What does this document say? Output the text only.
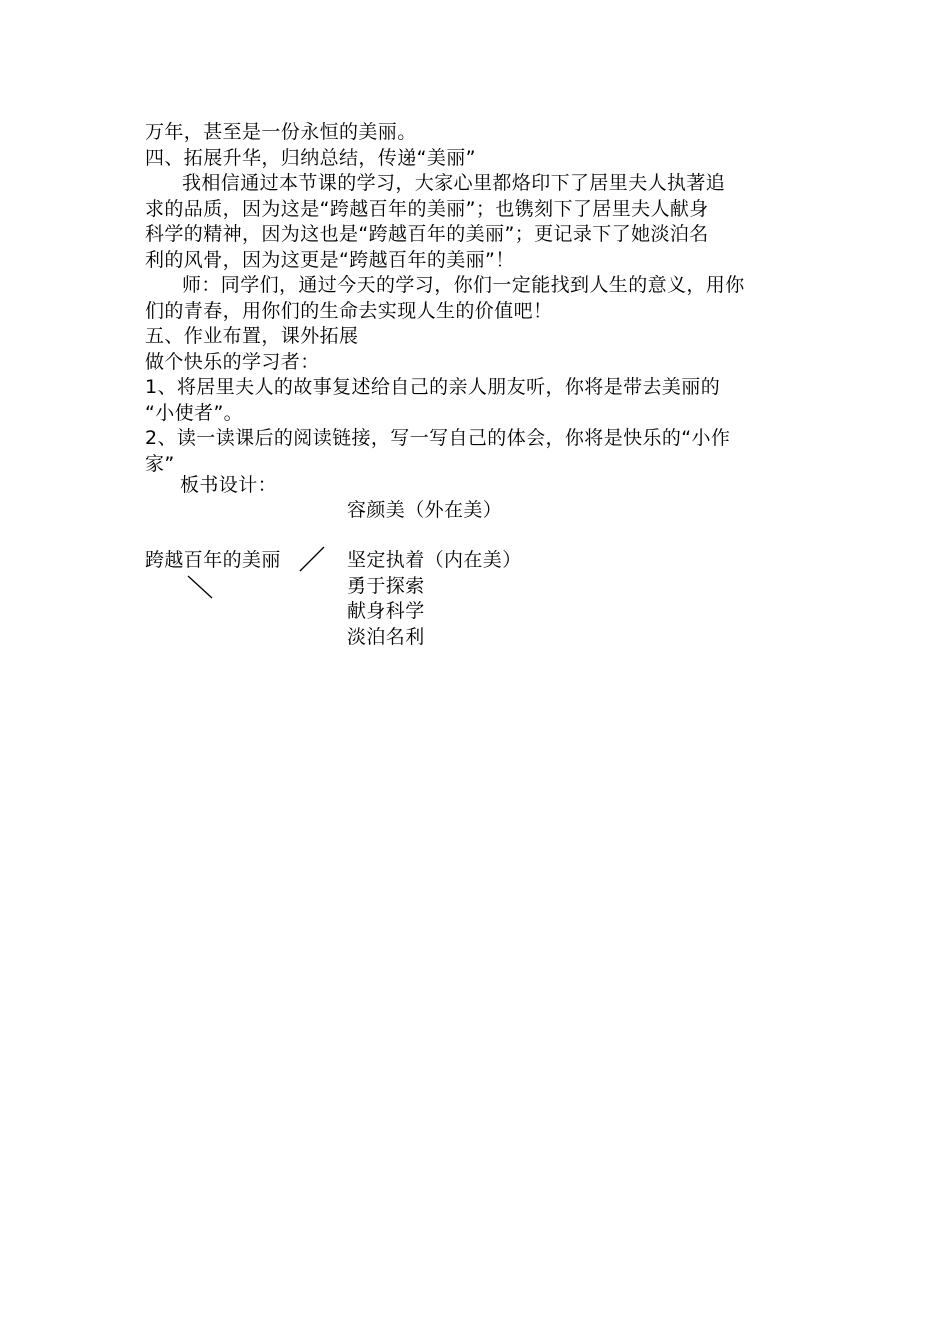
万年，甚至是一份永恒的美丽。
四、拓展升华，归纳总结，传递“美丽”
我相信通过本节课的学习，大家心里都烙印下了居里夫人执著追
求的品质，因为这是“跨越百年的美丽”；也镌刻下了居里夫人献身
科学的精神，因为这也是“跨越百年的美丽”；更记录下了她淡泊名
利的风骨，因为这更是“跨越百年的美丽”！
师：同学们，通过今天的学习，你们一定能找到人生的意义，用你
们的青春，用你们的生命去实现人生的价值吧！
五、作业布置，课外拓展
做个快乐的学习者：
1、将居里夫人的故事复述给自己的亲人朋友听，你将是带去美丽的
“小使者”。
2、读一读课后的阅读链接，写一写自己的体会，你将是快乐的“小作
家”
板书设计：
容颜美（外在美）
跨越百年的美丽	坚定执着（内在美）
勇于探索
献身科学
淡泊名利
